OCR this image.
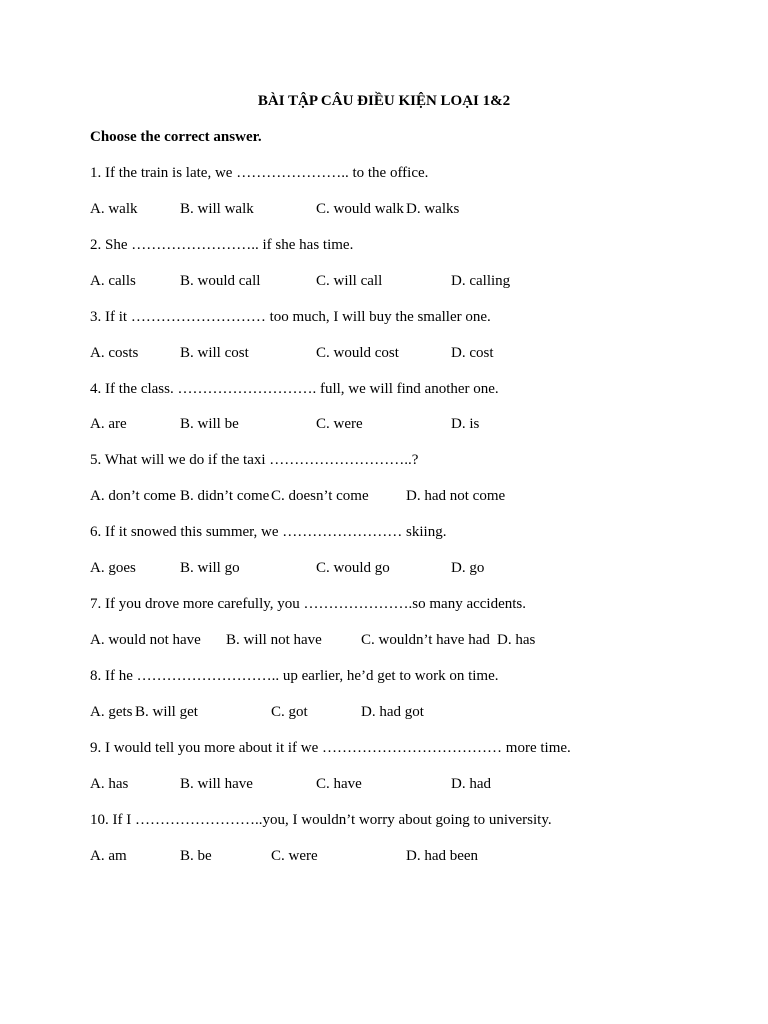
BÀI TẬP CÂU ĐIỀU KIỆN LOẠI 1&2
Choose the correct answer.
1. If the train is late, we ………………….. to the office.
A. walk	B. will walk	C. would walk D. walks
2. She …………………….. if she has time.
A. calls	B. would call	C. will call	D. calling
3. If it ……………………… too much, I will buy the smaller one.
A. costs	B. will cost	C. would cost	D. cost
4. If the class. ………………………. full, we will find another one.
A. are	B. will be	C. were	D. is
5. What will we do if the taxi ………………………..?
A. don’t come B. didn’t come C. doesn’t come D. had not come
6. If it snowed this summer, we …………………… skiing.
A. goes	B. will go	C. would go	D. go
7. If you drove more carefully, you ………………….so many accidents.
A. would not have B. will not have	C. wouldn’t have had D. has
8. If he ……………………….. up earlier, he’d get to work on time.
A. gets B. will get	C. got	D. had got
9. I would tell you more about it if we ……………………………… more time.
A. has	B. will have	C. have	D. had
10. If I ……………………..you, I wouldn’t worry about going to university.
A. am	B. be	C. were	D. had been
